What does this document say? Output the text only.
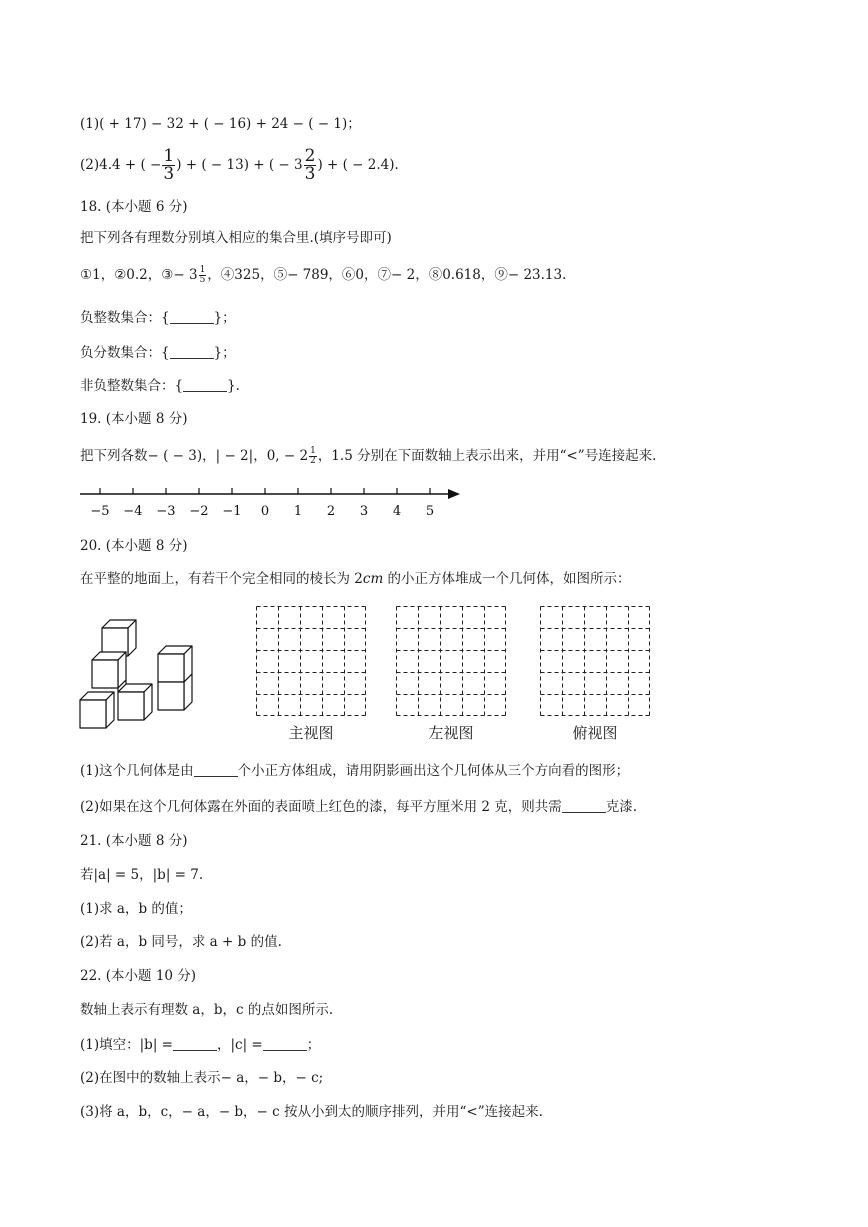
(1)( + 17) − 32 + ( − 16) + 24 − ( − 1)；
(2)4.4 + ( − $\frac{1}{3}$ ) + ( − 13) + ( − $3 \frac{2}{3}$ ) + ( − 2.4).
18. (本小题 6 分)
把下列各有理数分别填入相应的集合里.(填序号即可)
①1，②0.2，③− $3 \frac{1}{5}$ ，④325，⑤− 789，⑥0，⑦− 2，⑧0.618，⑨− 23.13.
负整数集合：{	}；
负分数集合：{	}；
非负整数集合：{	}.
19. (本小题 8 分)
把下列各数− ( − 3)，| − 2|，0, − $2 \frac{1}{2}$ ，1.5 分别在下面数轴上表示出来，并用“<”号连接起来.
−5 −4 −3 −2 −1 0 1 2 3 4 5
20. (本小题 8 分)
在平整的地面上，有若干个完全相同的棱长为 2cm 的小正方体堆成一个几何体，如图所示：
主视图	左视图	俯视图
(1)这个几何体是由	个小正方体组成，请用阴影画出这个几何体从三个方向看的图形；
(2)如果在这个几何体露在外面的表面喷上红色的漆，每平方厘米用 2 克，则共需	克漆.
21. (本小题 8 分)
若|a| = 5，|b| = 7.
(1)求 a，b 的值；
(2)若 a，b 同号，求 a + b 的值.
22. (本小题 10 分)
数轴上表示有理数 a，b，c 的点如图所示.
(1)填空：|b| =	，|c| =	；
(2)在图中的数轴上表示− a，− b，− c;
(3)将 a，b，c，− a，− b，− c 按从小到太的顺序排列，并用“<”连接起来.
